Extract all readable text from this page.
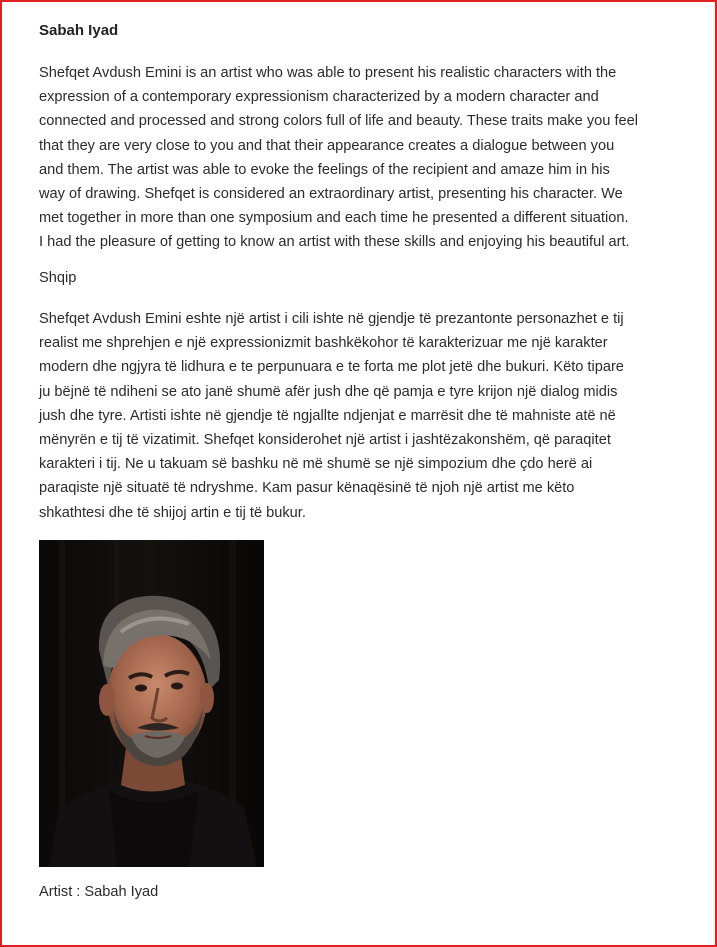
Sabah Iyad

Shefqet Avdush Emini is an artist who was able to present his realistic characters with the
expression of a contemporary expressionism characterized by a modern character and
connected and processed and strong colors full of life and beauty. These traits make you feel
that they are very close to you and that their appearance creates a dialogue between you
and them. The artist was able to evoke the feelings of the recipient and amaze him in his
way of drawing. Shefqet is considered an extraordinary artist, presenting his character. We
met together in more than one symposium and each time he presented a different situation.
I had the pleasure of getting to know an artist with these skills and enjoying his beautiful art.

Shqip

Shefqet Avdush Emini eshte një artist i cili ishte në gjendje të prezantonte personazhet e tij
realist me shprehjen e një expressionizmit bashkëkohor të karakterizuar me një karakter
modern dhe ngjyra të lidhura e te perpunuara e te forta me plot jetë dhe bukuri. Këto tipare
ju bëjnë të ndiheni se ato janë shumë afër jush dhe që pamja e tyre krijon një dialog midis
jush dhe tyre. Artisti ishte në gjendje të ngjallte ndjenjat e marrësit dhe të mahniste atë në
mënyrën e tij të vizatimit. Shefqet konsiderohet një artist i jashtëzakonshëm, që paraqitet
karakteri i tij. Ne u takuam së bashku në më shumë se një simpozium dhe çdo herë ai
paraqiste një situatë të ndryshme. Kam pasur kënaqësinë të njoh një artist me këto
shkathtesi dhe të shijoj artin e tij të bukur.

Artist : Sabah Iyad
